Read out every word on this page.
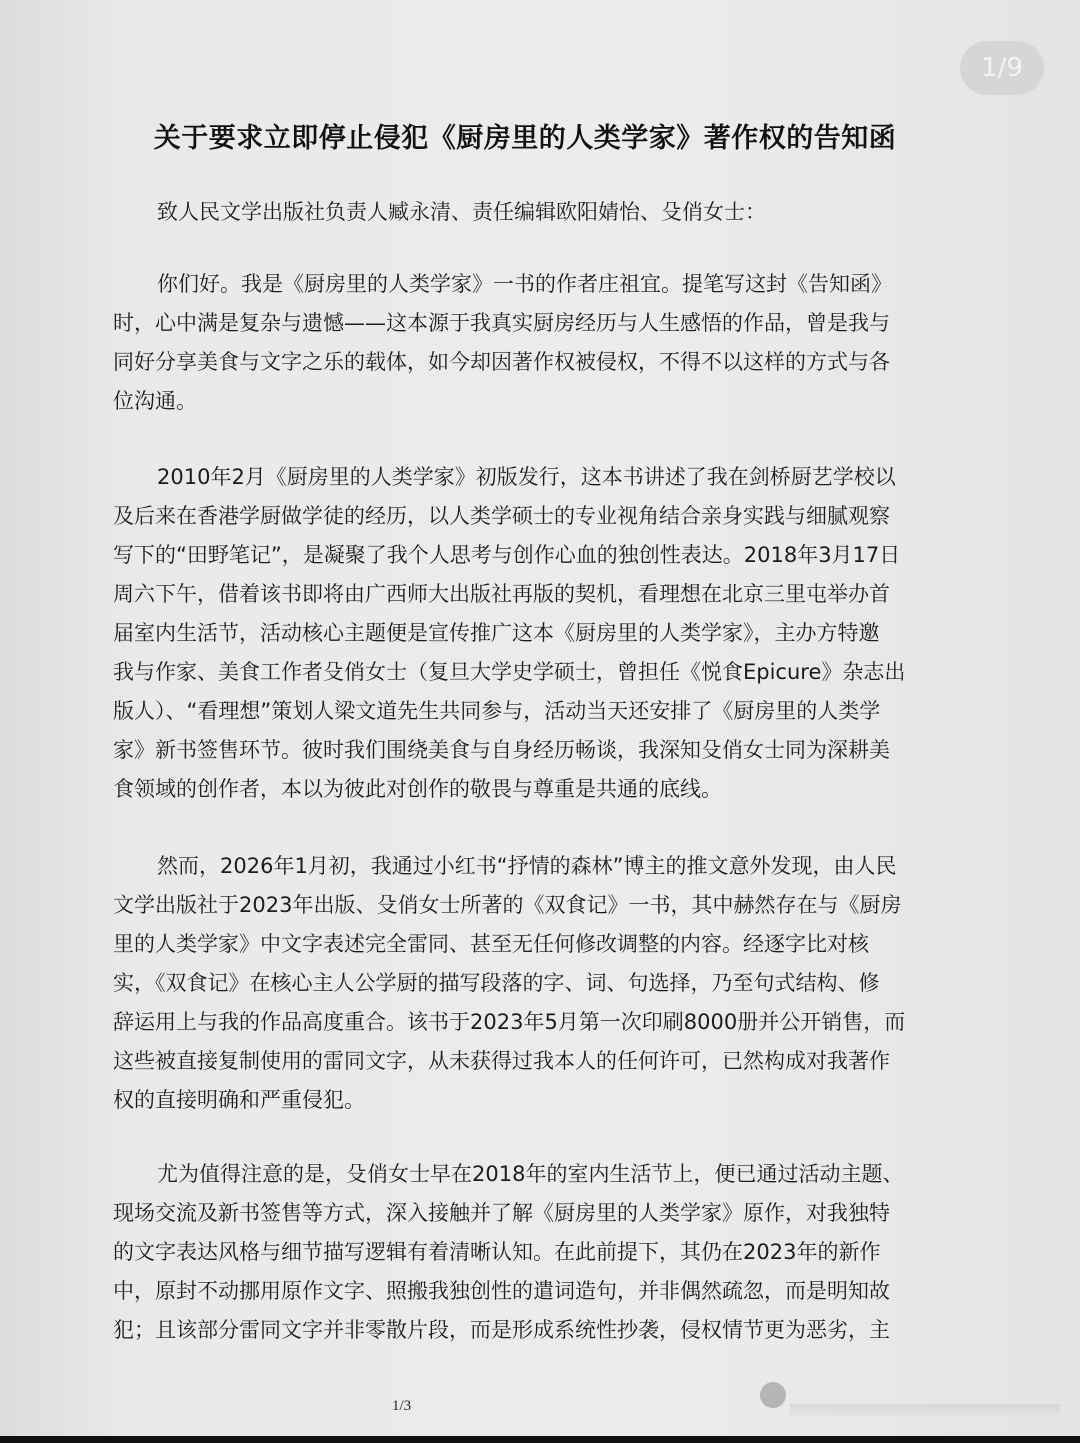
1/9
关于要求立即停止侵犯《厨房里的人类学家》著作权的告知函
致人民文学出版社负责人臧永清、责任编辑欧阳婧怡、殳俏女士：
你们好。我是《厨房里的人类学家》一书的作者庄祖宜。提笔写这封《告知函》
时，心中满是复杂与遗憾——这本源于我真实厨房经历与人生感悟的作品，曾是我与
同好分享美食与文字之乐的载体，如今却因著作权被侵权，不得不以这样的方式与各
位沟通。
2010年2月《厨房里的人类学家》初版发行，这本书讲述了我在剑桥厨艺学校以
及后来在香港学厨做学徒的经历，以人类学硕士的专业视角结合亲身实践与细腻观察
写下的“田野笔记”，是凝聚了我个人思考与创作心血的独创性表达。2018年3月17日
周六下午，借着该书即将由广西师大出版社再版的契机，看理想在北京三里屯举办首
届室内生活节，活动核心主题便是宣传推广这本《厨房里的人类学家》，主办方特邀
我与作家、美食工作者殳俏女士（复旦大学史学硕士，曾担任《悦食Epicure》杂志出
版人）、“看理想”策划人梁文道先生共同参与，活动当天还安排了《厨房里的人类学
家》新书签售环节。彼时我们围绕美食与自身经历畅谈，我深知殳俏女士同为深耕美
食领域的创作者，本以为彼此对创作的敬畏与尊重是共通的底线。
然而，2026年1月初，我通过小红书“抒情的森林”博主的推文意外发现，由人民
文学出版社于2023年出版、殳俏女士所著的《双食记》一书，其中赫然存在与《厨房
里的人类学家》中文字表述完全雷同、甚至无任何修改调整的内容。经逐字比对核
实，《双食记》在核心主人公学厨的描写段落的字、词、句选择，乃至句式结构、修
辞运用上与我的作品高度重合。该书于2023年5月第一次印刷8000册并公开销售，而
这些被直接复制使用的雷同文字，从未获得过我本人的任何许可，已然构成对我著作
权的直接明确和严重侵犯。
尤为值得注意的是，殳俏女士早在2018年的室内生活节上，便已通过活动主题、
现场交流及新书签售等方式，深入接触并了解《厨房里的人类学家》原作，对我独特
的文字表达风格与细节描写逻辑有着清晰认知。在此前提下，其仍在2023年的新作
中，原封不动挪用原作文字、照搬我独创性的遣词造句，并非偶然疏忽，而是明知故
犯；且该部分雷同文字并非零散片段，而是形成系统性抄袭，侵权情节更为恶劣，主
1/3
